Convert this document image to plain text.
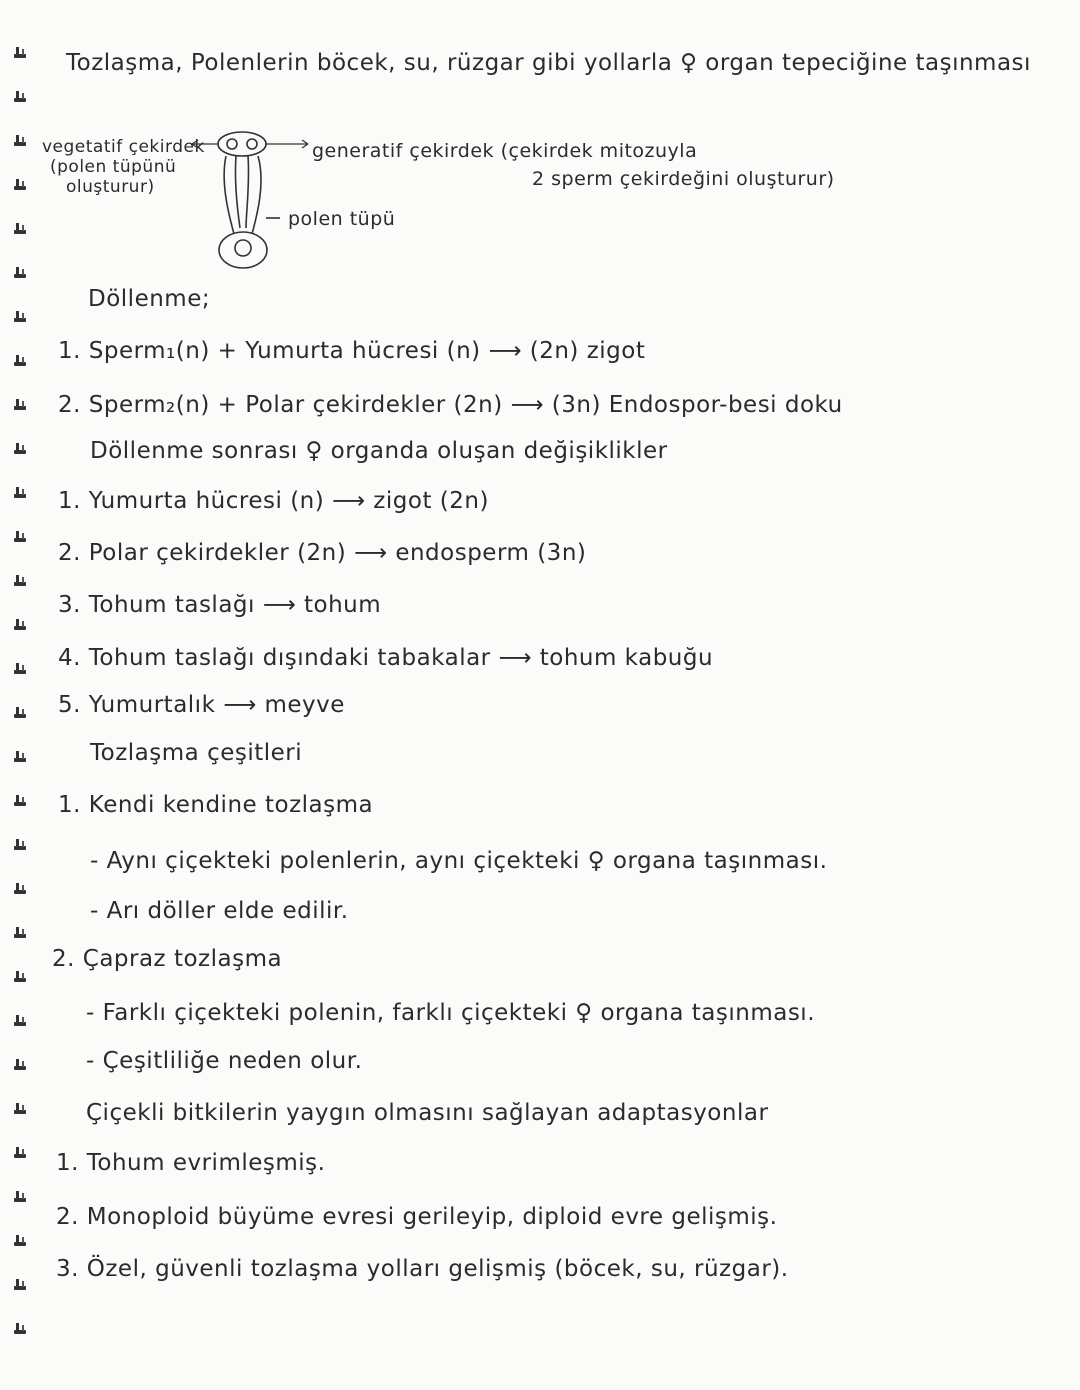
Tozlaşma, Polenlerin böcek, su, rüzgar gibi yollarla ♀ organ tepeciğine taşınması
vegetatif çekirdek
(polen tüpünü
oluşturur)
generatif çekirdek (çekirdek mitozuyla
2 sperm çekirdeğini oluşturur)
polen tüpü
Döllenme;
1. Sperm₁(n) + Yumurta hücresi (n) ⟶ (2n) zigot
2. Sperm₂(n) + Polar çekirdekler (2n) ⟶ (3n) Endospor-besi doku
Döllenme sonrası ♀ organda oluşan değişiklikler
1. Yumurta hücresi (n) ⟶ zigot (2n)
2. Polar çekirdekler (2n) ⟶ endosperm (3n)
3. Tohum taslağı ⟶ tohum
4. Tohum taslağı dışındaki tabakalar ⟶ tohum kabuğu
5. Yumurtalık ⟶ meyve
Tozlaşma çeşitleri
1. Kendi kendine tozlaşma
- Aynı çiçekteki polenlerin, aynı çiçekteki ♀ organa taşınması.
- Arı döller elde edilir.
2. Çapraz tozlaşma
- Farklı çiçekteki polenin, farklı çiçekteki ♀ organa taşınması.
- Çeşitliliğe neden olur.
Çiçekli bitkilerin yaygın olmasını sağlayan adaptasyonlar
1. Tohum evrimleşmiş.
2. Monoploid büyüme evresi gerileyip, diploid evre gelişmiş.
3. Özel, güvenli tozlaşma yolları gelişmiş (böcek, su, rüzgar).
